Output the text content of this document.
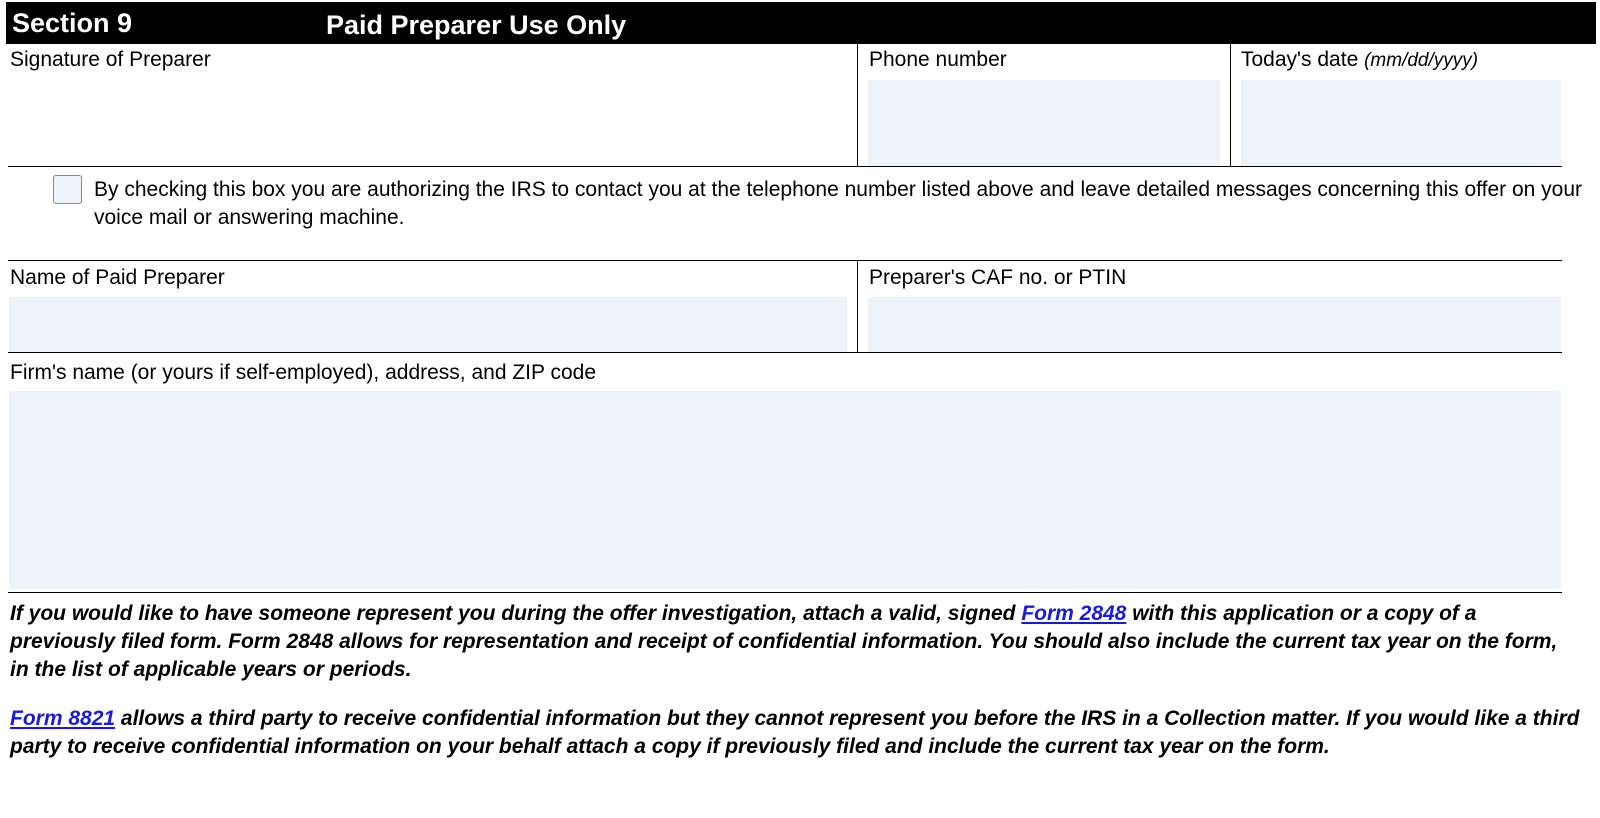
Section 9	Paid Preparer Use Only
Signature of Preparer	Phone number	Today's date (mm/dd/yyyy)
By checking this box you are authorizing the IRS to contact you at the telephone number listed above and leave detailed messages concerning this offer on your voice mail or answering machine.
Name of Paid Preparer	Preparer's CAF no. or PTIN
Firm's name (or yours if self-employed), address, and ZIP code

If you would like to have someone represent you during the offer investigation, attach a valid, signed Form 2848 with this application or a copy of a previously filed form. Form 2848 allows for representation and receipt of confidential information. You should also include the current tax year on the form, in the list of applicable years or periods.

Form 8821 allows a third party to receive confidential information but they cannot represent you before the IRS in a Collection matter. If you would like a third party to receive confidential information on your behalf attach a copy if previously filed and include the current tax year on the form.
